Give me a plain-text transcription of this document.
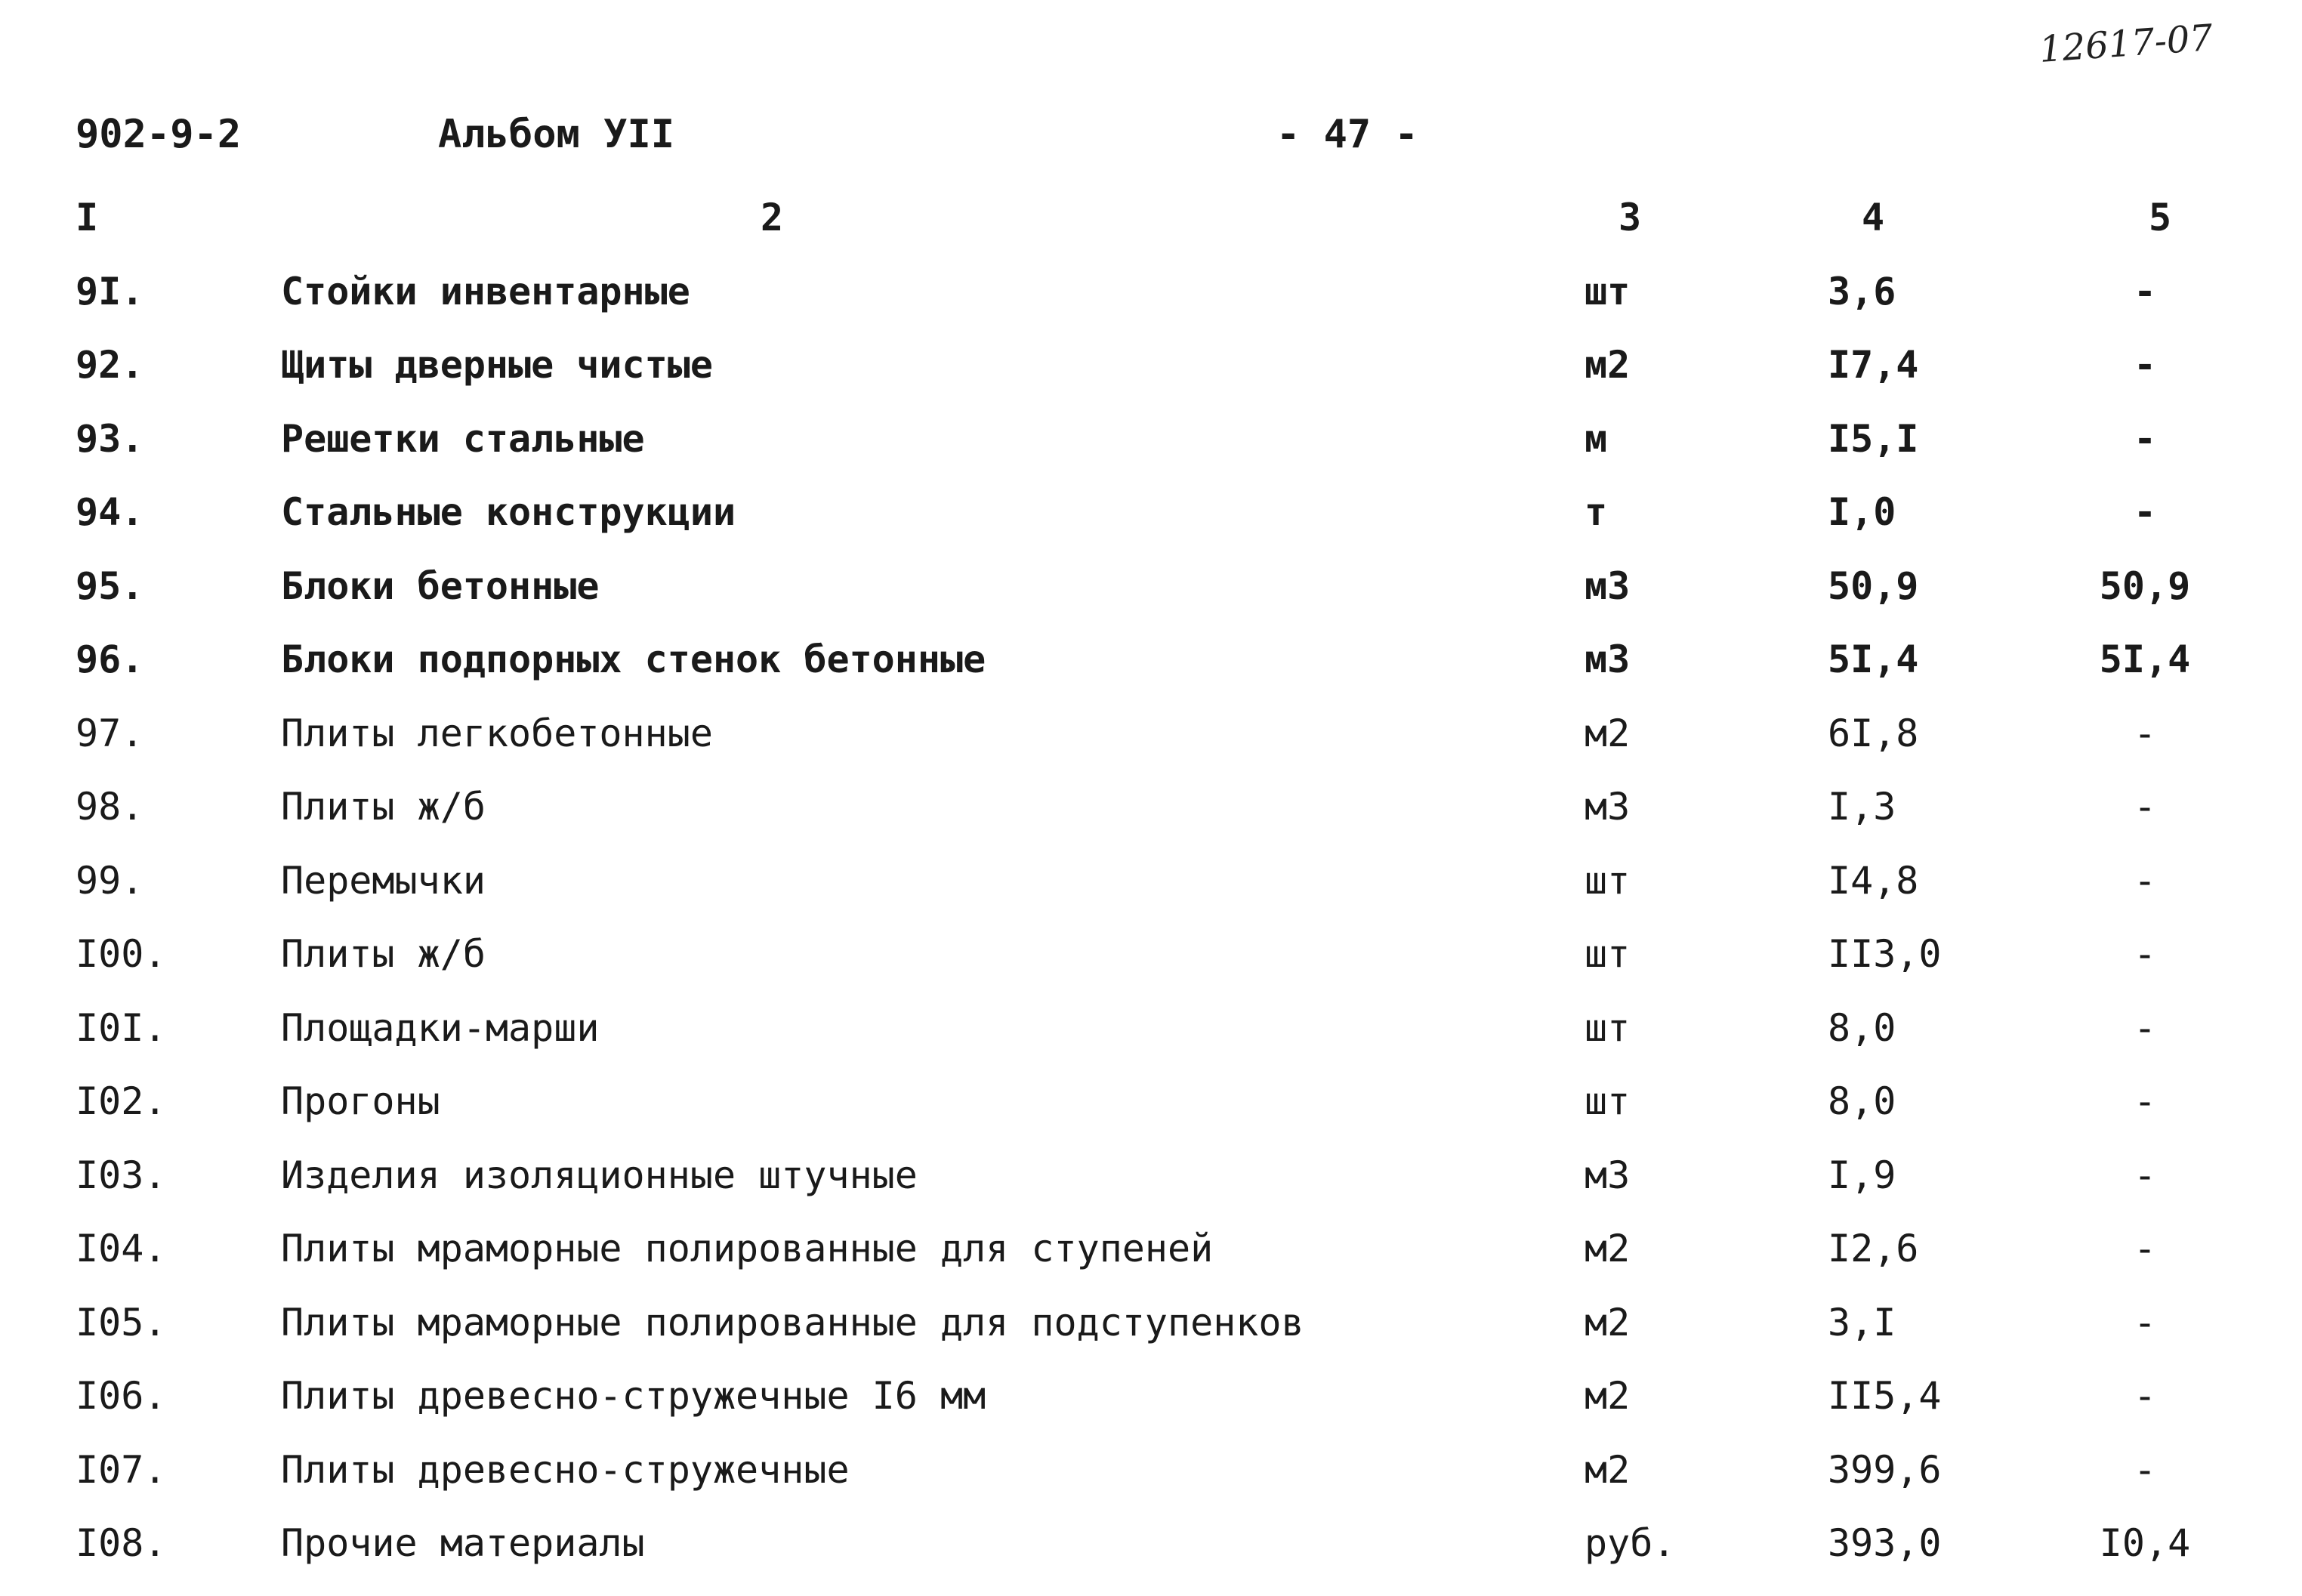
12617-07
902-9-2	Альбом УII	- 47 -
I	2	3	4	5
9I.	Стойки инвентарные	шт	3,6	-
92.	Щиты дверные чистые	м2	I7,4	-
93.	Решетки стальные	м	I5,I	-
94.	Стальные конструкции	т	I,0	-
95.	Блоки бетонные	м3	50,9	50,9
96.	Блоки подпорных стенок бетонные	м3	5I,4	5I,4
97.	Плиты легкобетонные	м2	6I,8	-
98.	Плиты ж/б	м3	I,3	-
99.	Перемычки	шт	I4,8	-
I00.	Плиты ж/б	шт	II3,0	-
I0I.	Площадки-марши	шт	8,0	-
I02.	Прогоны	шт	8,0	-
I03.	Изделия изоляционные штучные	м3	I,9	-
I04.	Плиты мраморные полированные для ступеней	м2	I2,6	-
I05.	Плиты мраморные полированные для подступенков	м2	3,I	-
I06.	Плиты древесно-стружечные I6 мм	м2	II5,4	-
I07.	Плиты древесно-стружечные	м2	399,6	-
I08.	Прочие материалы	руб.	393,0	I0,4
